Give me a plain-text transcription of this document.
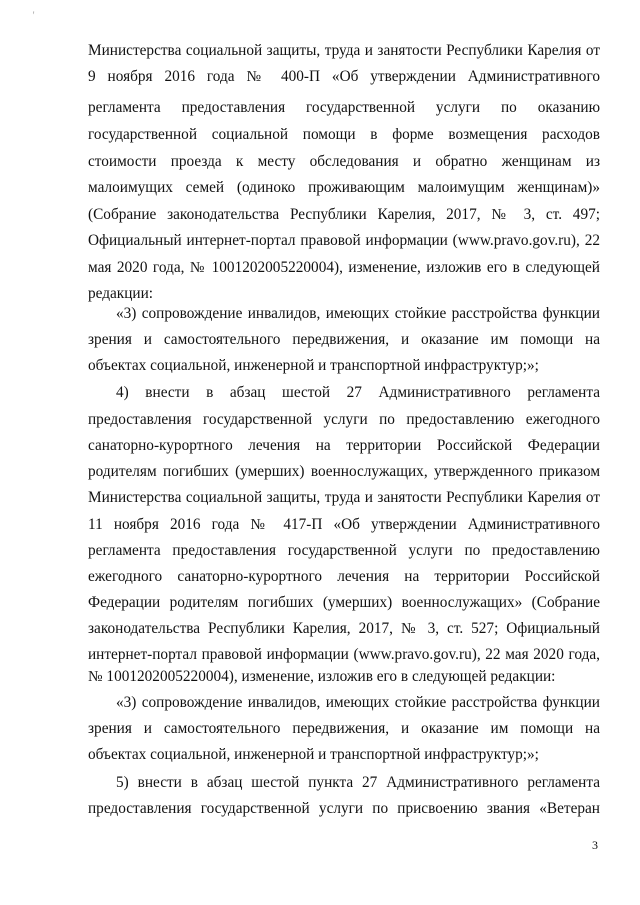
ꞌ
Министерства социальной защиты, труда и занятости Республики Карелия от
9 ноября 2016 года № 400-П «Об утверждении Административного
регламента предоставления государственной услуги по оказанию
государственной социальной помощи в форме возмещения расходов
стоимости проезда к месту обследования и обратно женщинам из
малоимущих семей (одиноко проживающим малоимущим женщинам)»
(Собрание законодательства Республики Карелия, 2017, № 3, ст. 497;
Официальный интернет-портал правовой информации (www.pravo.gov.ru), 22
мая 2020 года, № 1001202005220004), изменение, изложив его в следующей
редакции:
«3) сопровождение инвалидов, имеющих стойкие расстройства функции
зрения и самостоятельного передвижения, и оказание им помощи на
объектах социальной, инженерной и транспортной инфраструктур;»;
4) внести в абзац шестой 27 Административного регламента
предоставления государственной услуги по предоставлению ежегодного
санаторно-курортного лечения на территории Российской Федерации
родителям погибших (умерших) военнослужащих, утвержденного приказом
Министерства социальной защиты, труда и занятости Республики Карелия от
11 ноября 2016 года № 417-П «Об утверждении Административного
регламента предоставления государственной услуги по предоставлению
ежегодного санаторно-курортного лечения на территории Российской
Федерации родителям погибших (умерших) военнослужащих» (Собрание
законодательства Республики Карелия, 2017, № 3, ст. 527; Официальный
интернет-портал правовой информации (www.pravo.gov.ru), 22 мая 2020 года,
№ 1001202005220004), изменение, изложив его в следующей редакции:
«3) сопровождение инвалидов, имеющих стойкие расстройства функции
зрения и самостоятельного передвижения, и оказание им помощи на
объектах социальной, инженерной и транспортной инфраструктур;»;
5) внести в абзац шестой пункта 27 Административного регламента
предоставления государственной услуги по присвоению звания «Ветеран
3
